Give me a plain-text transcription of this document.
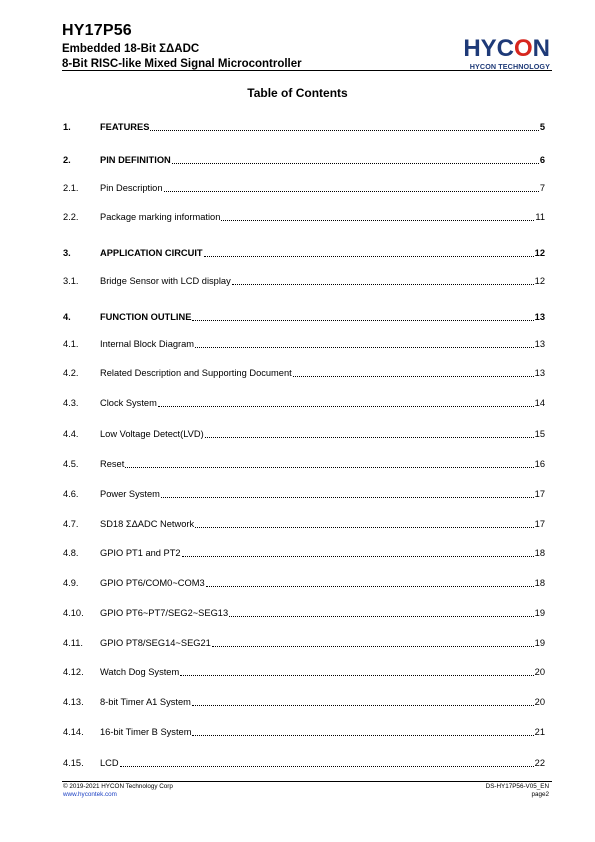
HY17P56
Embedded 18-Bit ΣΔADC
8-Bit RISC-like Mixed Signal Microcontroller
HYCON
HYCON TECHNOLOGY
Table of Contents
1.	FEATURES	5
2.	PIN DEFINITION	6
2.1.	Pin Description	7
2.2.	Package marking information	11
3.	APPLICATION CIRCUIT	12
3.1.	Bridge Sensor with LCD display	12
4.	FUNCTION OUTLINE	13
4.1.	Internal Block Diagram	13
4.2.	Related Description and Supporting Document	13
4.3.	Clock System	14
4.4.	Low Voltage Detect(LVD)	15
4.5.	Reset	16
4.6.	Power System	17
4.7.	SD18 ΣΔADC Network	17
4.8.	GPIO PT1 and PT2	18
4.9.	GPIO PT6/COM0~COM3	18
4.10.	GPIO PT6~PT7/SEG2~SEG13	19
4.11.	GPIO PT8/SEG14~SEG21	19
4.12.	Watch Dog System	20
4.13.	8-bit Timer A1 System	20
4.14.	16-bit Timer B System	21
4.15.	LCD	22
© 2019-2021 HYCON Technology Corp
www.hycontek.com
DS-HY17P56-V05_EN
page2
